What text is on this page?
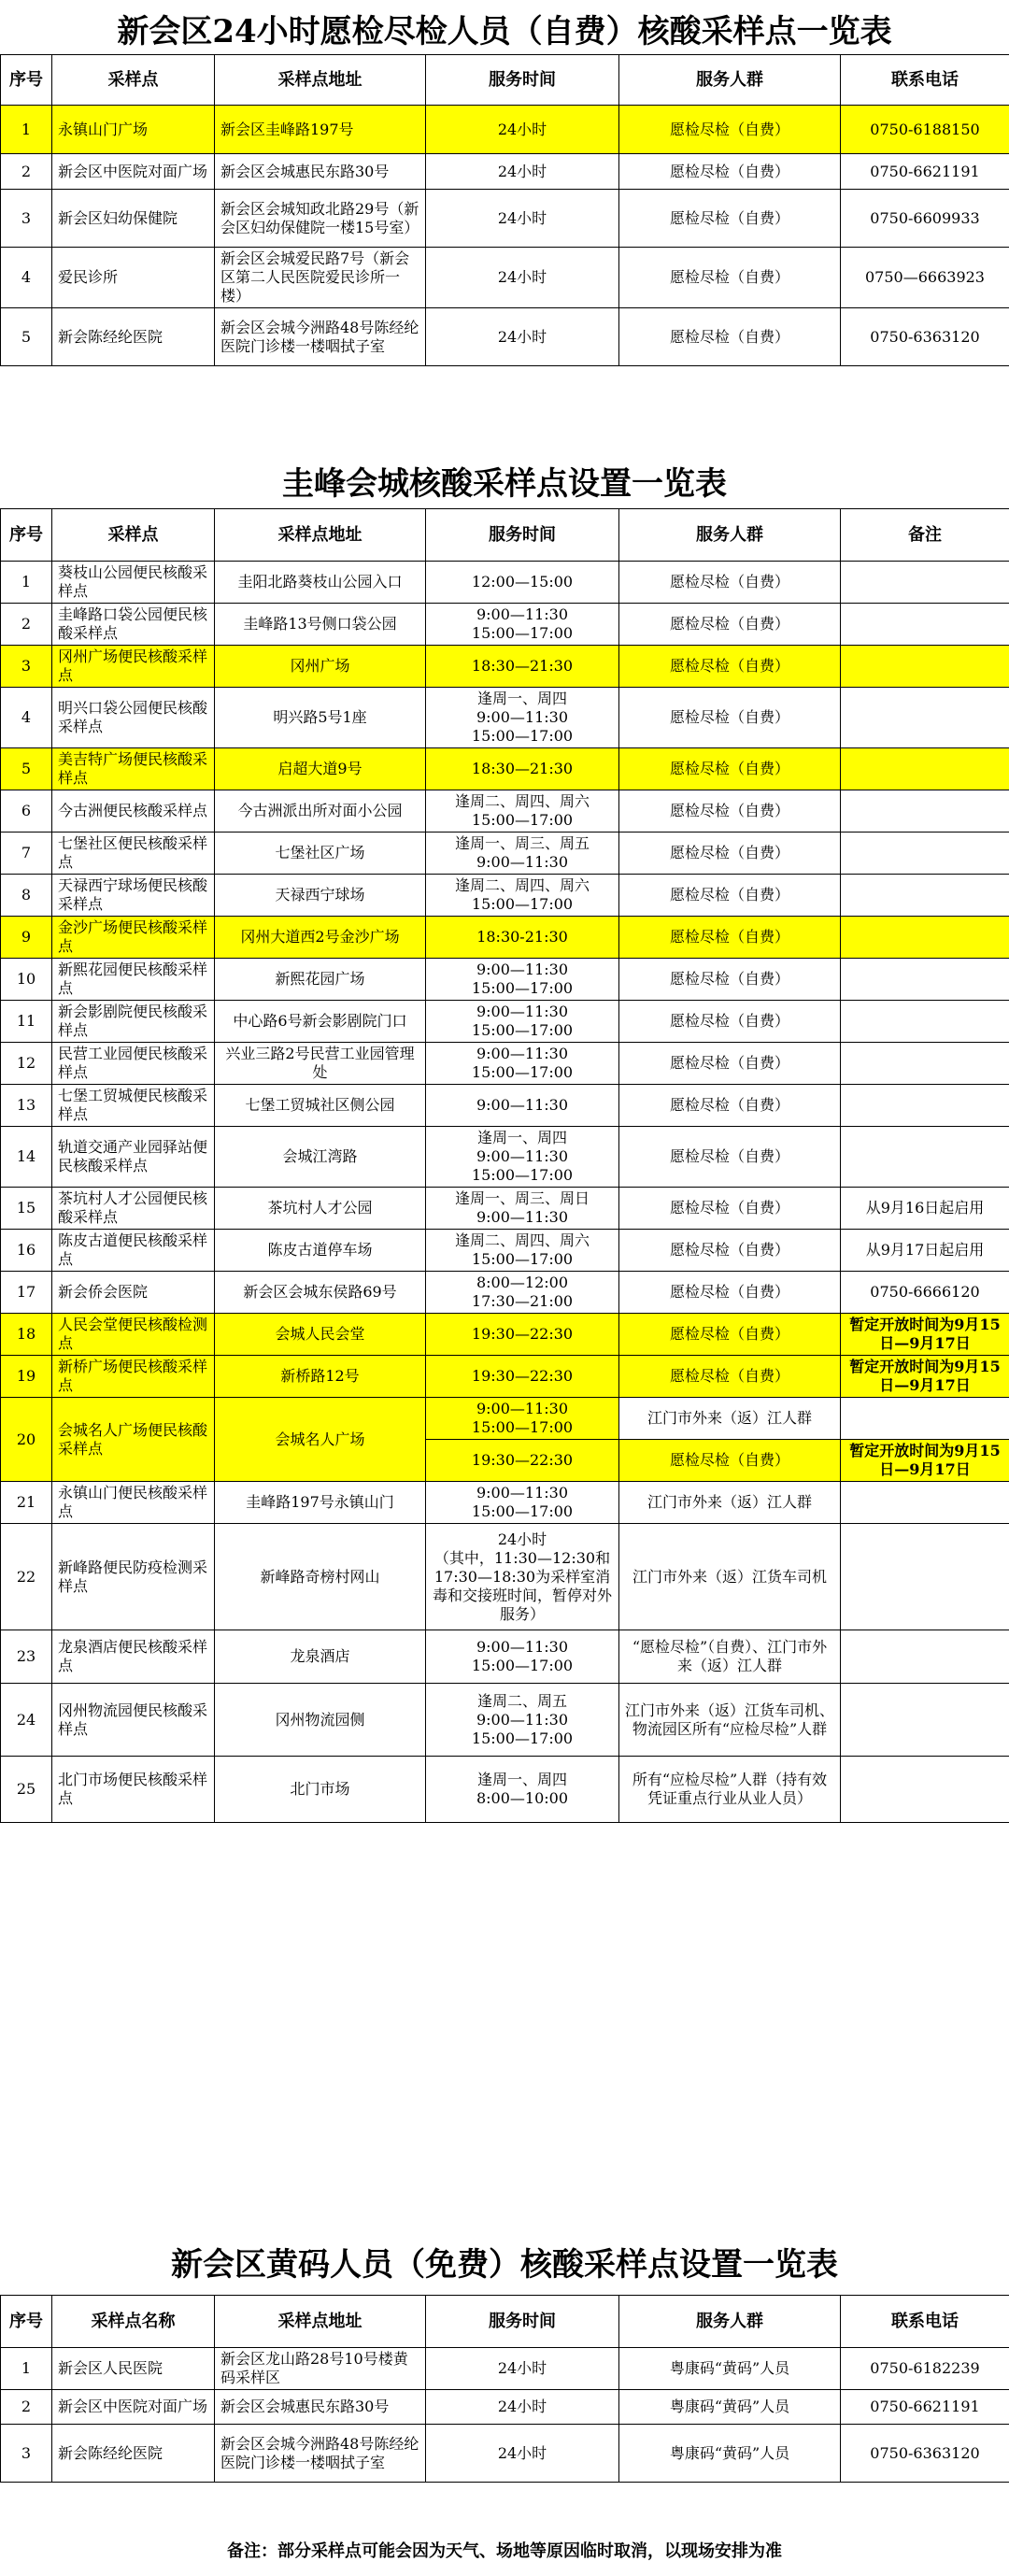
新会区24小时愿检尽检人员（自费）核酸采样点一览表
序号	采样点	采样点地址	服务时间	服务人群	联系电话
1	永镇山门广场	新会区圭峰路197号	24小时	愿检尽检（自费）	0750-6188150
2	新会区中医院对面广场	新会区会城惠民东路30号	24小时	愿检尽检（自费）	0750-6621191
3	新会区妇幼保健院	新会区会城知政北路29号（新会区妇幼保健院一楼15号室）	24小时	愿检尽检（自费）	0750-6609933
4	爱民诊所	新会区会城爱民路7号（新会区第二人民医院爱民诊所一楼）	24小时	愿检尽检（自费）	0750—6663923
5	新会陈经纶医院	新会区会城今洲路48号陈经纶医院门诊楼一楼咽拭子室	24小时	愿检尽检（自费）	0750-6363120
圭峰会城核酸采样点设置一览表
序号	采样点	采样点地址	服务时间	服务人群	备注
1	葵枝山公园便民核酸采样点	圭阳北路葵枝山公园入口	12:00—15:00	愿检尽检（自费）	
2	圭峰路口袋公园便民核酸采样点	圭峰路13号侧口袋公园	9:00—11:30
15:00—17:00	愿检尽检（自费）	
3	冈州广场便民核酸采样点	冈州广场	18:30—21:30	愿检尽检（自费）	
4	明兴口袋公园便民核酸采样点	明兴路5号1座	逢周一、周四
9:00—11:30
15:00—17:00	愿检尽检（自费）	
5	美吉特广场便民核酸采样点	启超大道9号	18:30—21:30	愿检尽检（自费）	
6	今古洲便民核酸采样点	今古洲派出所对面小公园	逢周二、周四、周六
15:00—17:00	愿检尽检（自费）	
7	七堡社区便民核酸采样点	七堡社区广场	逢周一、周三、周五
9:00—11:30	愿检尽检（自费）	
8	天禄西宁球场便民核酸采样点	天禄西宁球场	逢周二、周四、周六
15:00—17:00	愿检尽检（自费）	
9	金沙广场便民核酸采样点	冈州大道西2号金沙广场	18:30-21:30	愿检尽检（自费）	
10	新熙花园便民核酸采样点	新熙花园广场	9:00—11:30
15:00—17:00	愿检尽检（自费）	
11	新会影剧院便民核酸采样点	中心路6号新会影剧院门口	9:00—11:30
15:00—17:00	愿检尽检（自费）	
12	民营工业园便民核酸采样点	兴业三路2号民营工业园管理处	9:00—11:30
15:00—17:00	愿检尽检（自费）	
13	七堡工贸城便民核酸采样点	七堡工贸城社区侧公园	9:00—11:30	愿检尽检（自费）	
14	轨道交通产业园驿站便民核酸采样点	会城江湾路	逢周一、周四
9:00—11:30
15:00—17:00	愿检尽检（自费）	
15	茶坑村人才公园便民核酸采样点	茶坑村人才公园	逢周一、周三、周日
9:00—11:30	愿检尽检（自费）	从9月16日起启用
16	陈皮古道便民核酸采样点	陈皮古道停车场	逢周二、周四、周六
15:00—17:00	愿检尽检（自费）	从9月17日起启用
17	新会侨会医院	新会区会城东侯路69号	8:00—12:00
17:30—21:00	愿检尽检（自费）	0750-6666120
18	人民会堂便民核酸检测点	会城人民会堂	19:30—22:30	愿检尽检（自费）	暂定开放时间为9月15日—9月17日
19	新桥广场便民核酸采样点	新桥路12号	19:30—22:30	愿检尽检（自费）	暂定开放时间为9月15日—9月17日
20	会城名人广场便民核酸采样点	会城名人广场	9:00—11:30
15:00—17:00	江门市外来（返）江人群	
			19:30—22:30	愿检尽检（自费）	暂定开放时间为9月15日—9月17日
21	永镇山门便民核酸采样点	圭峰路197号永镇山门	9:00—11:30
15:00—17:00	江门市外来（返）江人群	
22	新峰路便民防疫检测采样点	新峰路奇榜村网山	24小时
（其中，11:30—12:30和17:30—18:30为采样室消毒和交接班时间，暂停对外服务）	江门市外来（返）江货车司机	
23	龙泉酒店便民核酸采样点	龙泉酒店	9:00—11:30
15:00—17:00	“愿检尽检”（自费）、江门市外来（返）江人群	
24	冈州物流园便民核酸采样点	冈州物流园侧	逢周二、周五
9:00—11:30
15:00—17:00	江门市外来（返）江货车司机、物流园区所有“应检尽检”人群	
25	北门市场便民核酸采样点	北门市场	逢周一、周四
8:00—10:00	所有“应检尽检”人群（持有效凭证重点行业从业人员）	
新会区黄码人员（免费）核酸采样点设置一览表
序号	采样点名称	采样点地址	服务时间	服务人群	联系电话
1	新会区人民医院	新会区龙山路28号10号楼黄码采样区	24小时	粤康码“黄码”人员	0750-6182239
2	新会区中医院对面广场	新会区会城惠民东路30号	24小时	粤康码“黄码”人员	0750-6621191
3	新会陈经纶医院	新会区会城今洲路48号陈经纶医院门诊楼一楼咽拭子室	24小时	粤康码“黄码”人员	0750-6363120
备注：部分采样点可能会因为天气、场地等原因临时取消，以现场安排为准
